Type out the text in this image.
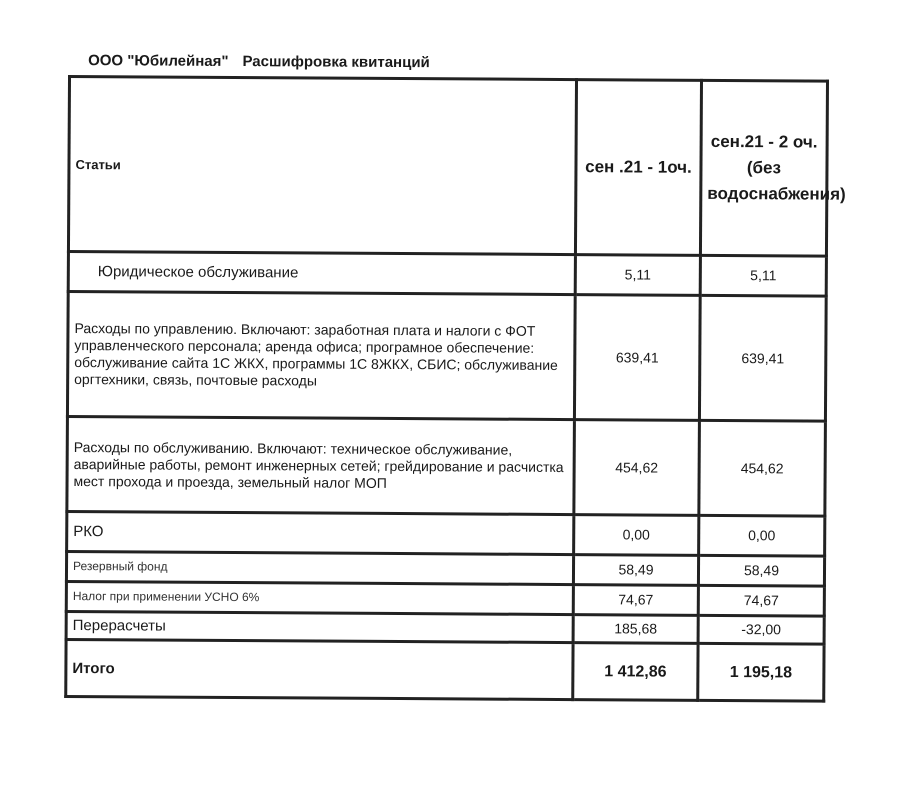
ООО "Юбилейная" Расшифровка квитанций
Статьи	сен .21 - 1оч.	сен.21 - 2 оч.(без водоснабжения)
Юридическое обслуживание	5,11	5,11
Расходы по управлению. Включают: заработная плата и налоги с ФОТ управленческого персонала; аренда офиса; програмное обеспечение: обслуживание сайта 1С ЖКХ, программы 1С 8ЖКХ, СБИС; обслуживание оргтехники, связь, почтовые расходы	639,41	639,41
Расходы по обслуживанию. Включают: техническое обслуживание, аварийные работы, ремонт инженерных сетей; грейдирование и расчистка мест прохода и проезда, земельный налог МОП	454,62	454,62
РКО	0,00	0,00
Резервный фонд	58,49	58,49
Налог при применении УСНО 6%	74,67	74,67
Перерасчеты	185,68	-32,00
Итого	1 412,86	1 195,18
